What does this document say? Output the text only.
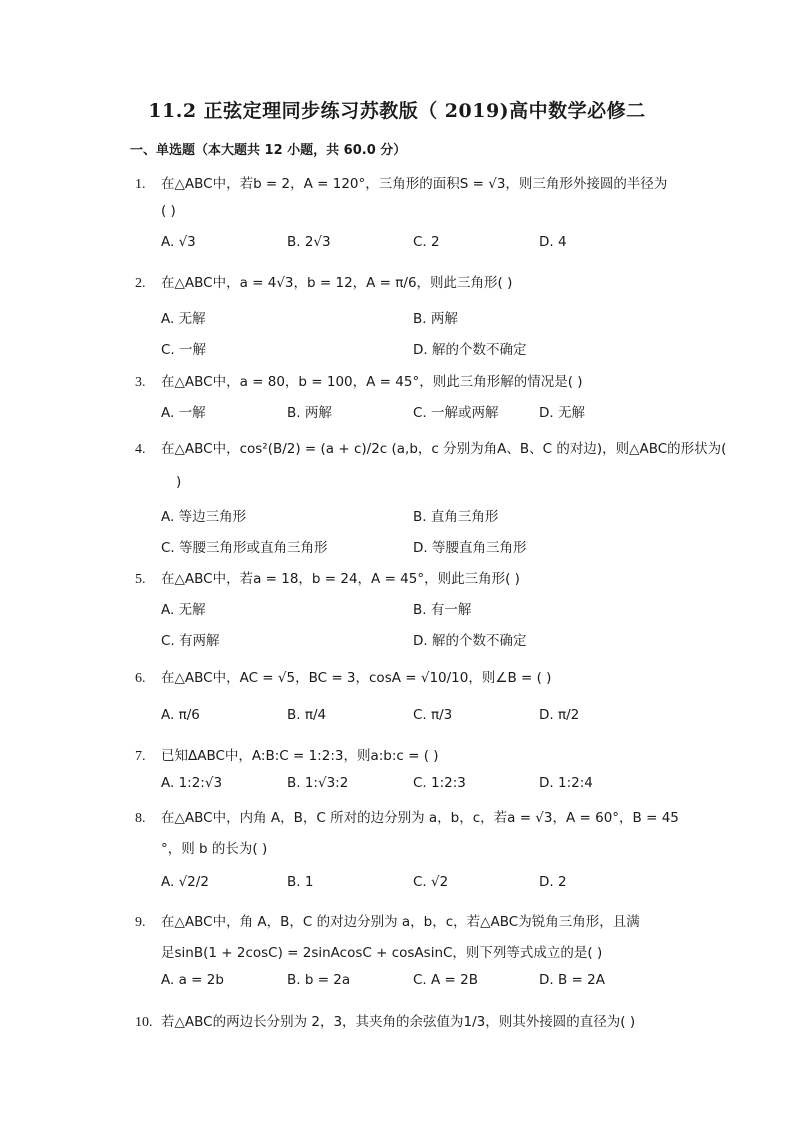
11.2 正弦定理同步练习苏教版（ 2019)高中数学必修二
一、单选题（本大题共 12 小题，共 60.0 分）
1. 在△ABC中，若b = 2，A = 120°，三角形的面积S = √3，则三角形外接圆的半径为
( )
A. √3	B. 2√3	C. 2	D. 4
2. 在△ABC中，a = 4√3，b = 12，A = π/6，则此三角形( )
A. 无解	B. 两解
C. 一解	D. 解的个数不确定
3. 在△ABC中，a = 80，b = 100，A = 45°，则此三角形解的情况是( )
A. 一解	B. 两解	C. 一解或两解	D. 无解
4. 在△ABC中，cos²(B/2) = (a + c)/2c (a,b，c 分别为角A、B、C 的对边)，则△ABC的形状为(
)
A. 等边三角形	B. 直角三角形
C. 等腰三角形或直角三角形	D. 等腰直角三角形
5. 在△ABC中，若a = 18，b = 24，A = 45°，则此三角形( )
A. 无解	B. 有一解
C. 有两解	D. 解的个数不确定
6. 在△ABC中，AC = √5，BC = 3，cosA = √10/10，则∠B = ( )
A. π/6	B. π/4	C. π/3	D. π/2
7. 已知ΔABC中，A:B:C = 1:2:3，则a:b:c = ( )
A. 1:2:√3	B. 1:√3:2	C. 1:2:3	D. 1:2:4
8. 在△ABC中，内角 A，B，C 所对的边分别为 a，b，c，若a = √3，A = 60°，B = 45
°，则 b 的长为( )
A. √2/2	B. 1	C. √2	D. 2
9. 在△ABC中，角 A，B，C 的对边分别为 a，b，c，若△ABC为锐角三角形，且满
足sinB(1 + 2cosC) = 2sinAcosC + cosAsinC，则下列等式成立的是( )
A. a = 2b	B. b = 2a	C. A = 2B	D. B = 2A
10. 若△ABC的两边长分别为 2，3，其夹角的余弦值为1/3，则其外接圆的直径为( )
